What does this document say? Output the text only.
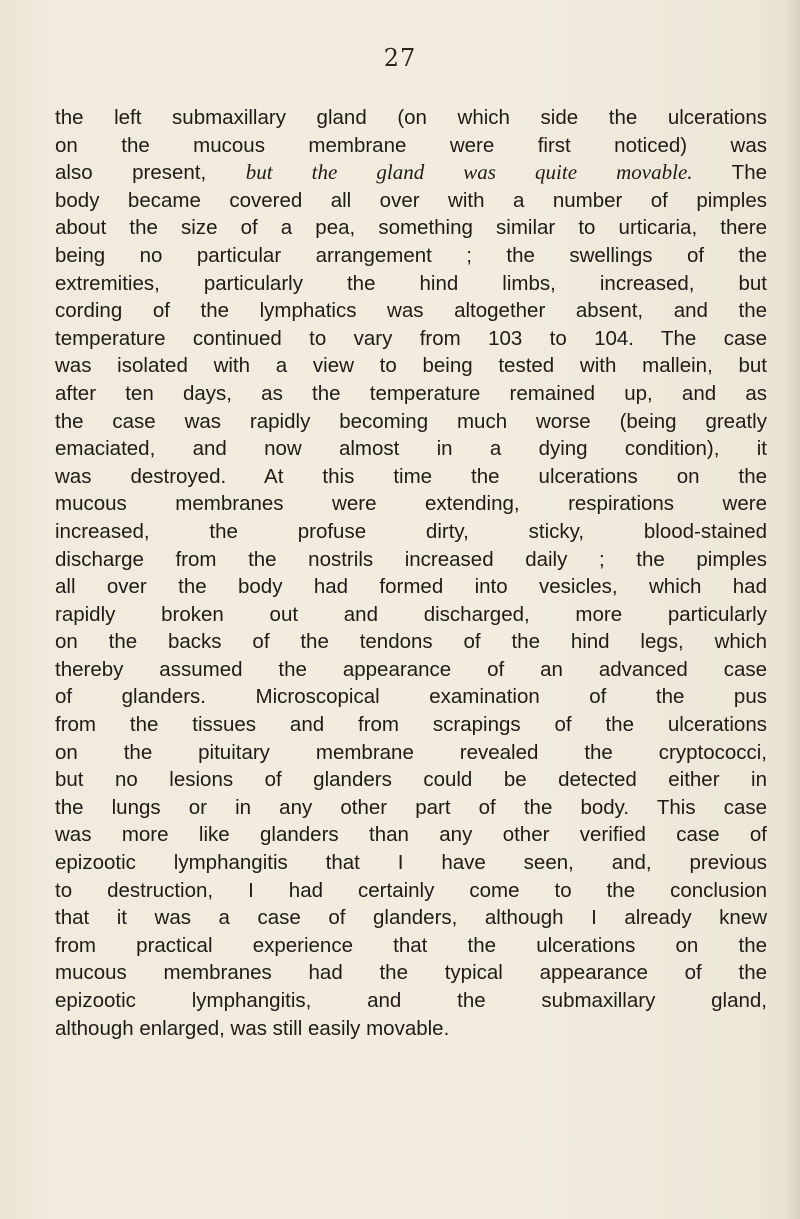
27
the left submaxillary gland (on which side the ulcerations
on the mucous membrane were first noticed) was
also present, but the gland was quite movable. The
body became covered all over with a number of pimples
about the size of a pea, something similar to urticaria, there
being no particular arrangement ; the swellings of the
extremities, particularly the hind limbs, increased, but
cording of the lymphatics was altogether absent, and the
temperature continued to vary from 103 to 104. The case
was isolated with a view to being tested with mallein, but
after ten days, as the temperature remained up, and as
the case was rapidly becoming much worse (being greatly
emaciated, and now almost in a dying condition), it
was destroyed. At this time the ulcerations on the
mucous membranes were extending, respirations were
increased, the profuse dirty, sticky, blood-stained
discharge from the nostrils increased daily ; the pimples
all over the body had formed into vesicles, which had
rapidly broken out and discharged, more particularly
on the backs of the tendons of the hind legs, which
thereby assumed the appearance of an advanced case
of glanders. Microscopical examination of the pus
from the tissues and from scrapings of the ulcerations
on the pituitary membrane revealed the cryptococci,
but no lesions of glanders could be detected either in
the lungs or in any other part of the body. This case
was more like glanders than any other verified case of
epizootic lymphangitis that I have seen, and, previous
to destruction, I had certainly come to the conclusion
that it was a case of glanders, although I already knew
from practical experience that the ulcerations on the
mucous membranes had the typical appearance of the
epizootic lymphangitis, and the submaxillary gland,
although enlarged, was still easily movable.
